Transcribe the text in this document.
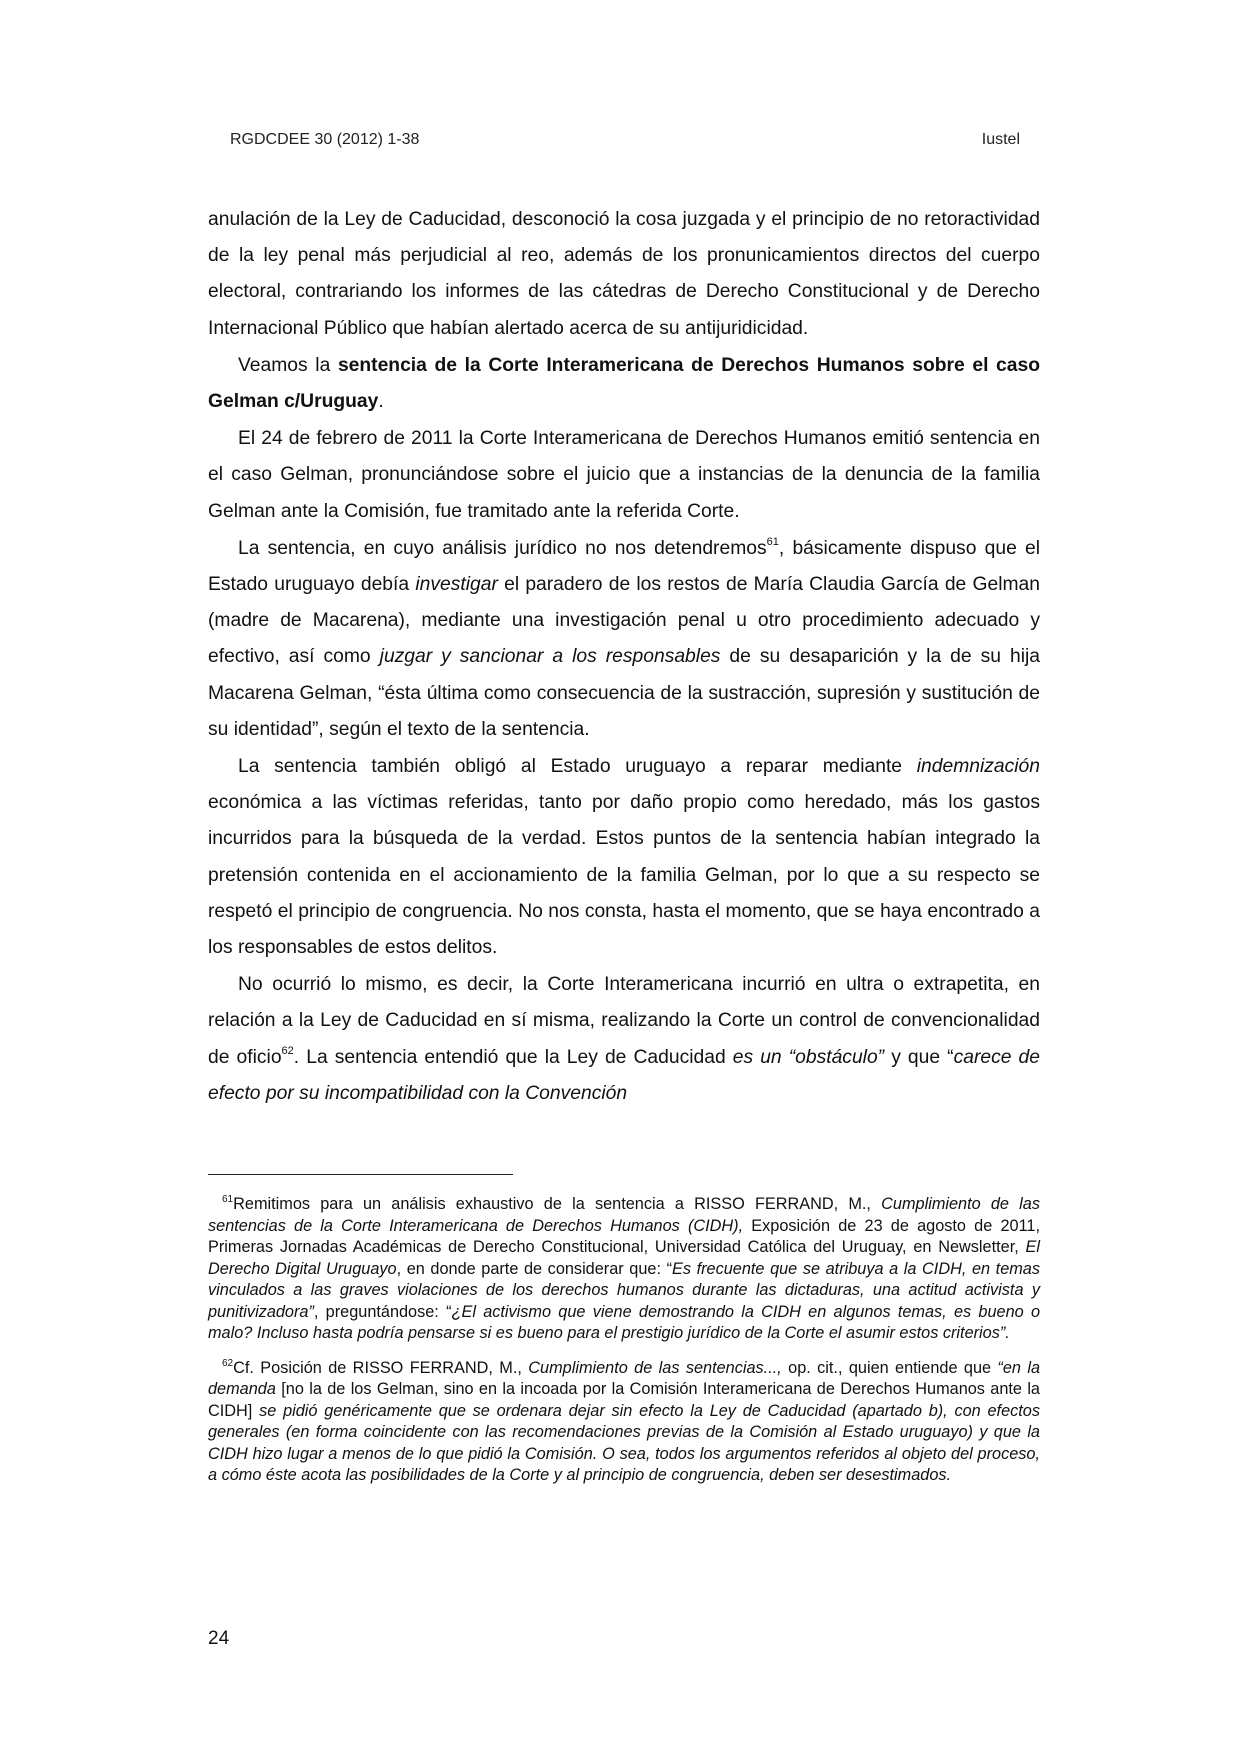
RGDCDEE 30 (2012) 1-38	Iustel

anulación de la Ley de Caducidad, desconoció la cosa juzgada y el principio de no retoractividad de la ley penal más perjudicial al reo, además de los pronunicamientos directos del cuerpo electoral, contrariando los informes de las cátedras de Derecho Constitucional y de Derecho Internacional Público que habían alertado acerca de su antijuridicidad.

Veamos la sentencia de la Corte Interamericana de Derechos Humanos sobre el caso Gelman c/Uruguay.

El 24 de febrero de 2011 la Corte Interamericana de Derechos Humanos emitió sentencia en el caso Gelman, pronunciándose sobre el juicio que a instancias de la denuncia de la familia Gelman ante la Comisión, fue tramitado ante la referida Corte.

La sentencia, en cuyo análisis jurídico no nos detendremos$^{61}$, básicamente dispuso que el Estado uruguayo debía investigar el paradero de los restos de María Claudia García de Gelman (madre de Macarena), mediante una investigación penal u otro procedimiento adecuado y efectivo, así como juzgar y sancionar a los responsables de su desaparición y la de su hija Macarena Gelman, “ésta última como consecuencia de la sustracción, supresión y sustitución de su identidad”, según el texto de la sentencia.

La sentencia también obligó al Estado uruguayo a reparar mediante indemnización económica a las víctimas referidas, tanto por daño propio como heredado, más los gastos incurridos para la búsqueda de la verdad. Estos puntos de la sentencia habían integrado la pretensión contenida en el accionamiento de la familia Gelman, por lo que a su respecto se respetó el principio de congruencia. No nos consta, hasta el momento, que se haya encontrado a los responsables de estos delitos.

No ocurrió lo mismo, es decir, la Corte Interamericana incurrió en ultra o extrapetita, en relación a la Ley de Caducidad en sí misma, realizando la Corte un control de convencionalidad de oficio$^{62}$. La sentencia entendió que la Ley de Caducidad es un “obstáculo” y que “carece de efecto por su incompatibilidad con la Convención

$^{61}$Remitimos para un análisis exhaustivo de la sentencia a RISSO FERRAND, M., Cumplimiento de las sentencias de la Corte Interamericana de Derechos Humanos (CIDH), Exposición de 23 de agosto de 2011, Primeras Jornadas Académicas de Derecho Constitucional, Universidad Católica del Uruguay, en Newsletter, El Derecho Digital Uruguayo, en donde parte de considerar que: “Es frecuente que se atribuya a la CIDH, en temas vinculados a las graves violaciones de los derechos humanos durante las dictaduras, una actitud activista y punitivizadora”, preguntándose: “¿El activismo que viene demostrando la CIDH en algunos temas, es bueno o malo? Incluso hasta podría pensarse si es bueno para el prestigio jurídico de la Corte el asumir estos criterios”.

$^{62}$Cf. Posición de RISSO FERRAND, M., Cumplimiento de las sentencias..., op. cit., quien entiende que “en la demanda [no la de los Gelman, sino en la incoada por la Comisión Interamericana de Derechos Humanos ante la CIDH] se pidió genéricamente que se ordenara dejar sin efecto la Ley de Caducidad (apartado b), con efectos generales (en forma coincidente con las recomendaciones previas de la Comisión al Estado uruguayo) y que la CIDH hizo lugar a menos de lo que pidió la Comisión. O sea, todos los argumentos referidos al objeto del proceso, a cómo éste acota las posibilidades de la Corte y al principio de congruencia, deben ser desestimados.

24
